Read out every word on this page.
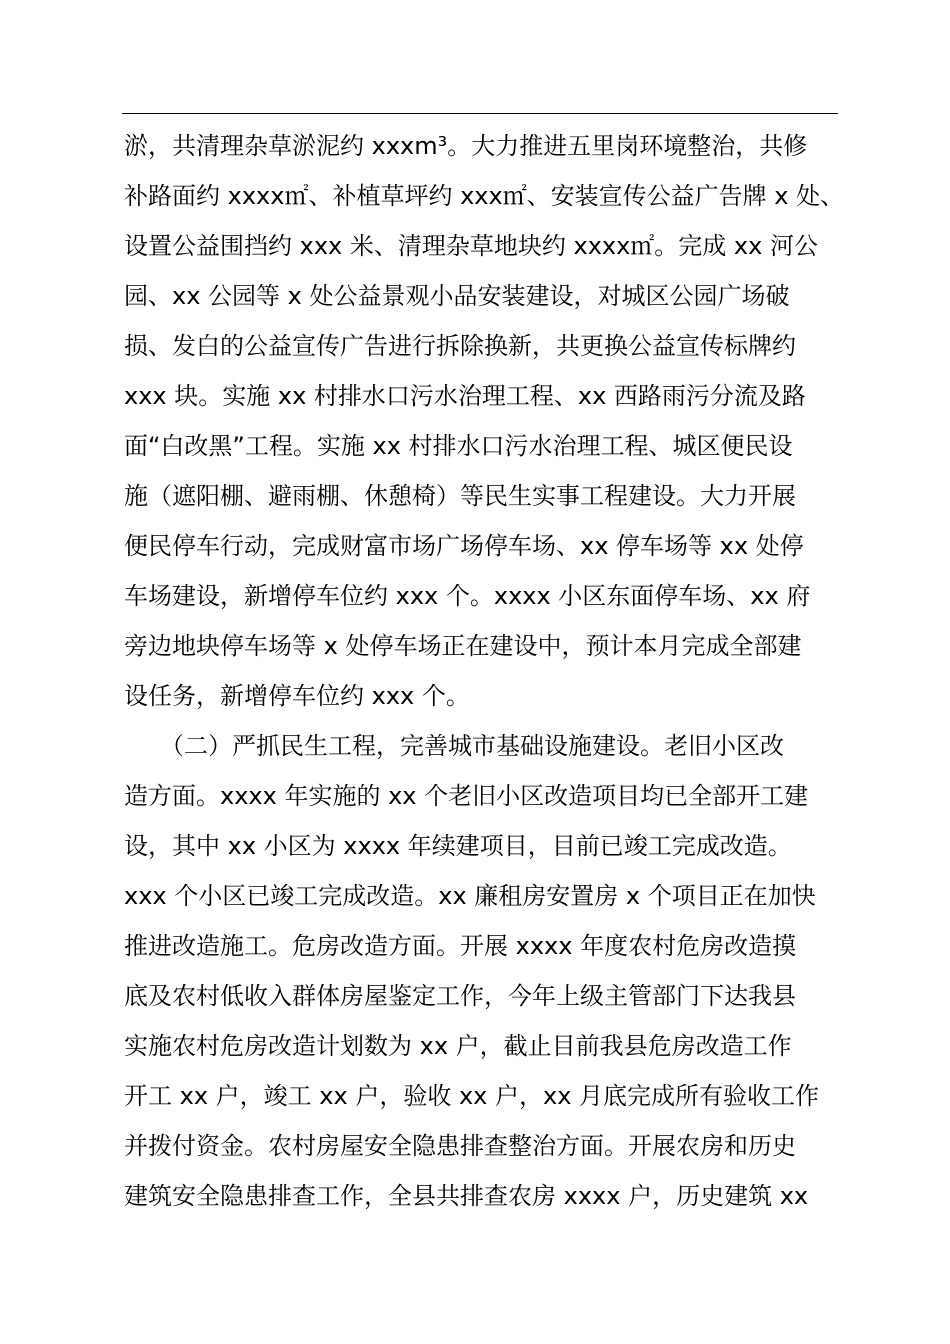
淤，共清理杂草淤泥约 xxxm³。大力推进五里岗环境整治，共修
补路面约 xxxx㎡、补植草坪约 xxx㎡、安装宣传公益广告牌 x 处、
设置公益围挡约 xxx 米、清理杂草地块约 xxxx㎡。完成 xx 河公
园、xx 公园等 x 处公益景观小品安装建设，对城区公园广场破
损、发白的公益宣传广告进行拆除换新，共更换公益宣传标牌约
xxx 块。实施 xx 村排水口污水治理工程、xx 西路雨污分流及路
面“白改黑”工程。实施 xx 村排水口污水治理工程、城区便民设
施（遮阳棚、避雨棚、休憩椅）等民生实事工程建设。大力开展
便民停车行动，完成财富市场广场停车场、xx 停车场等 xx 处停
车场建设，新增停车位约 xxx 个。xxxx 小区东面停车场、xx 府
旁边地块停车场等 x 处停车场正在建设中，预计本月完成全部建
设任务，新增停车位约 xxx 个。
　　（二）严抓民生工程，完善城市基础设施建设。老旧小区改
造方面。xxxx 年实施的 xx 个老旧小区改造项目均已全部开工建
设，其中 xx 小区为 xxxx 年续建项目，目前已竣工完成改造。
xxx 个小区已竣工完成改造。xx 廉租房安置房 x 个项目正在加快
推进改造施工。危房改造方面。开展 xxxx 年度农村危房改造摸
底及农村低收入群体房屋鉴定工作，今年上级主管部门下达我县
实施农村危房改造计划数为 xx 户，截止目前我县危房改造工作
开工 xx 户，竣工 xx 户，验收 xx 户，xx 月底完成所有验收工作
并拨付资金。农村房屋安全隐患排查整治方面。开展农房和历史
建筑安全隐患排查工作，全县共排查农房 xxxx 户，历史建筑 xx
